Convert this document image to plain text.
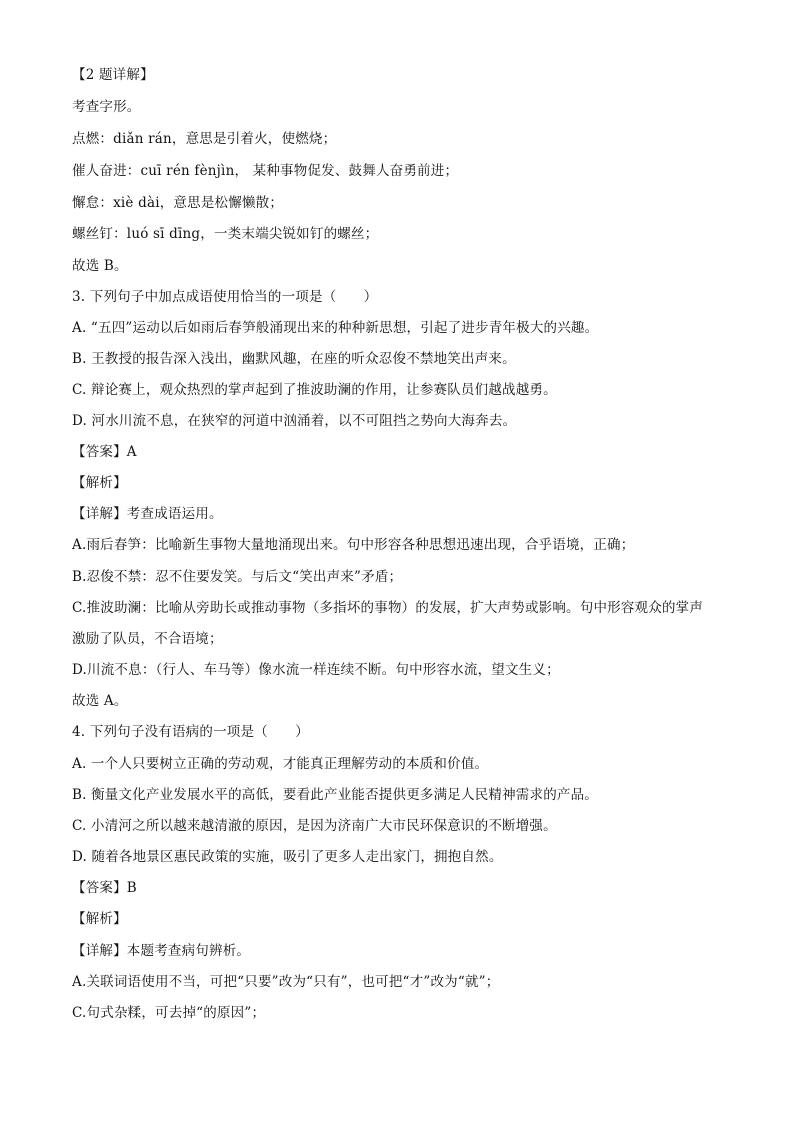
【2 题详解】
考查字形。
点燃：diǎn rán，意思是引着火，使燃烧；
催人奋进：cuī rén fènjìn， 某种事物促发、鼓舞人奋勇前进；
懈怠：xiè dài，意思是松懈懒散；
螺丝钉：luó sī dīng，一类末端尖锐如钉的螺丝；
故选 B。
3. 下列句子中加点成语使用恰当的一项是（　　）
A. “五四”运动以后如雨后春笋般涌现出来的种种新思想，引起了进步青年极大的兴趣。
B. 王教授的报告深入浅出，幽默风趣，在座的听众忍俊不禁地笑出声来。
C. 辩论赛上，观众热烈的掌声起到了推波助澜的作用，让参赛队员们越战越勇。
D. 河水川流不息，在狭窄的河道中汹涌着，以不可阻挡之势向大海奔去。
【答案】A
【解析】
【详解】考查成语运用。
A.雨后春笋：比喻新生事物大量地涌现出来。句中形容各种思想迅速出现，合乎语境，正确；
B.忍俊不禁：忍不住要发笑。与后文“笑出声来”矛盾；
C.推波助澜：比喻从旁助长或推动事物（多指坏的事物）的发展，扩大声势或影响。句中形容观众的掌声
激励了队员，不合语境；
D.川流不息：（行人、车马等）像水流一样连续不断。句中形容水流，望文生义；
故选 A。
4. 下列句子没有语病的一项是（　　）
A. 一个人只要树立正确的劳动观，才能真正理解劳动的本质和价值。
B. 衡量文化产业发展水平的高低，要看此产业能否提供更多满足人民精神需求的产品。
C. 小清河之所以越来越清澈的原因，是因为济南广大市民环保意识的不断增强。
D. 随着各地景区惠民政策的实施，吸引了更多人走出家门，拥抱自然。
【答案】B
【解析】
【详解】本题考查病句辨析。
A.关联词语使用不当，可把“只要”改为“只有”，也可把“才”改为“就”；
C.句式杂糅，可去掉“的原因”；
